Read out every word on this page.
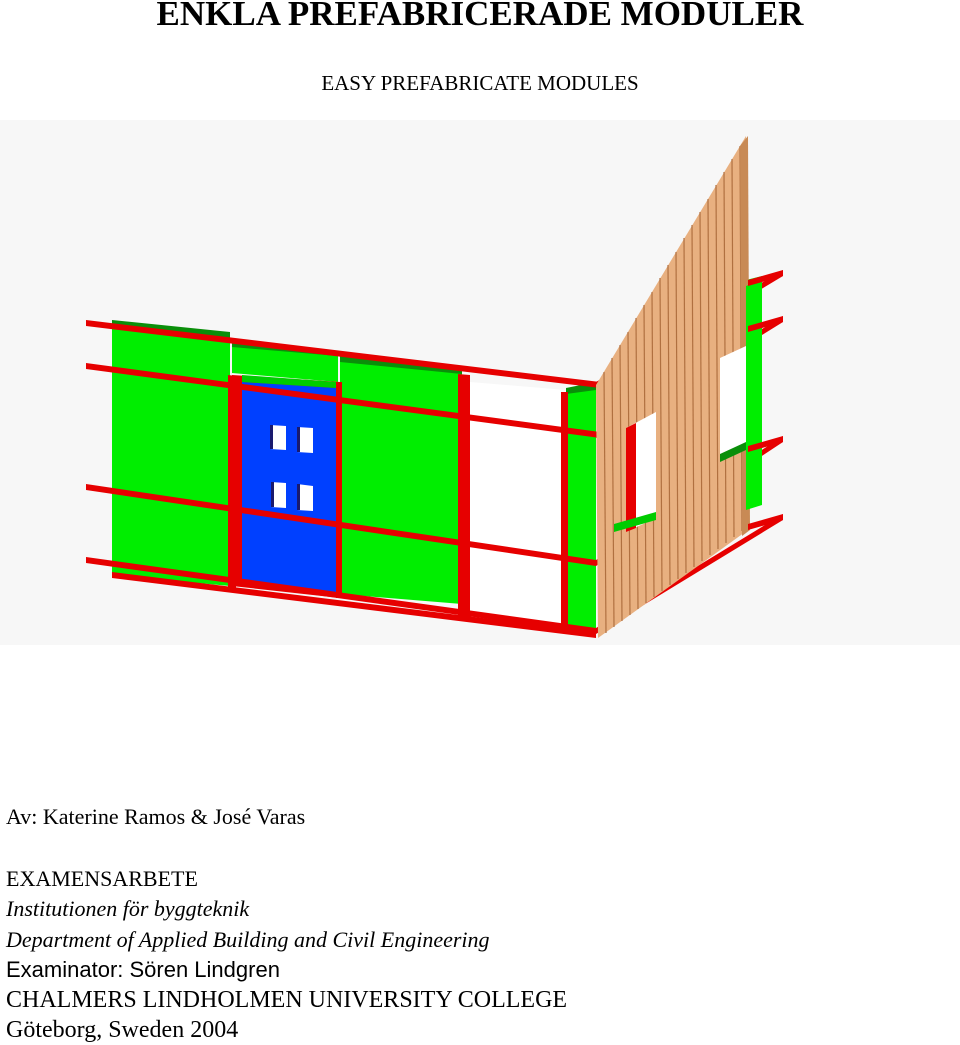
ENKLA PREFABRICERADE MODULER
EASY PREFABRICATE MODULES
Av: Katerine Ramos & José Varas
EXAMENSARBETE
Institutionen för byggteknik
Department of Applied Building and Civil Engineering
Examinator: Sören Lindgren
CHALMERS LINDHOLMEN UNIVERSITY COLLEGE
Göteborg, Sweden 2004
